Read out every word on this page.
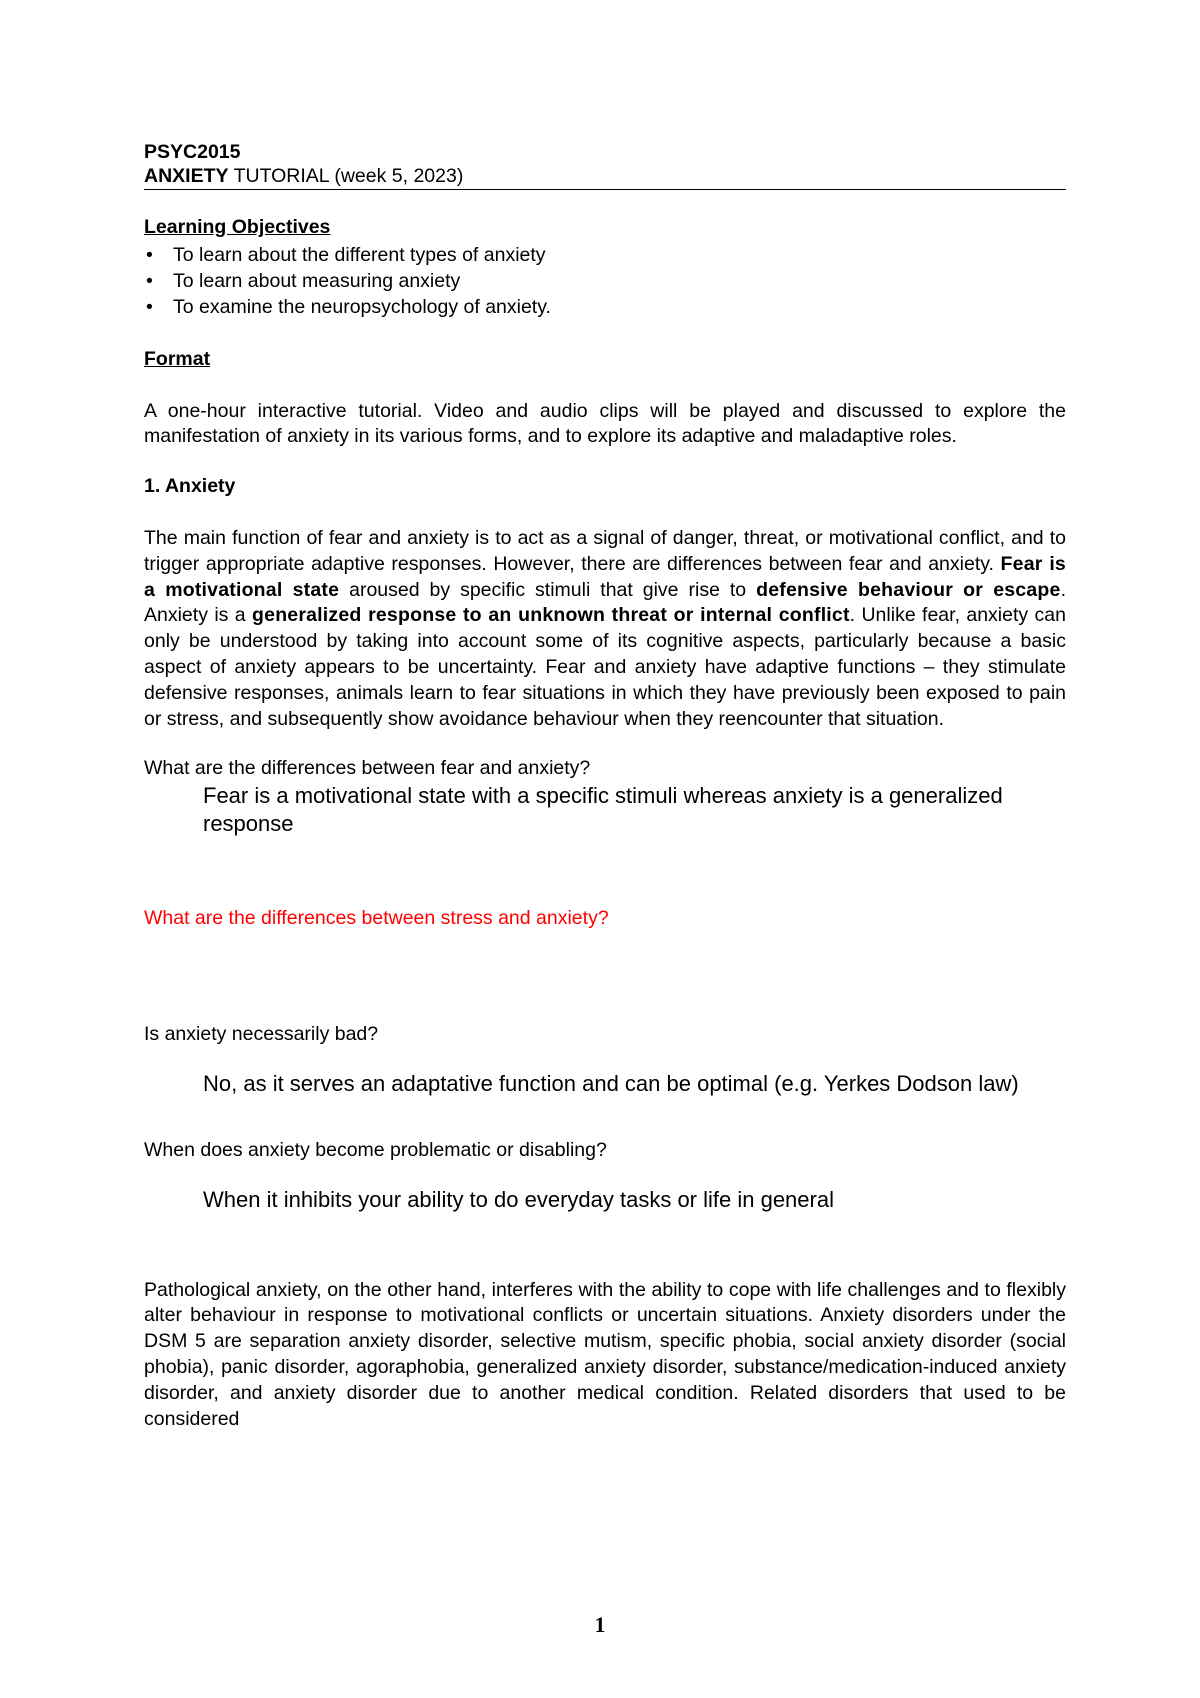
PSYC2015
ANXIETY TUTORIAL (week 5, 2023)
Learning Objectives
• To learn about the different types of anxiety
• To learn about measuring anxiety
• To examine the neuropsychology of anxiety.
Format

A one-hour interactive tutorial. Video and audio clips will be played and discussed to explore the manifestation of anxiety in its various forms, and to explore its adaptive and maladaptive roles.

1. Anxiety

The main function of fear and anxiety is to act as a signal of danger, threat, or motivational conflict, and to trigger appropriate adaptive responses. However, there are differences between fear and anxiety. Fear is a motivational state aroused by specific stimuli that give rise to defensive behaviour or escape. Anxiety is a generalized response to an unknown threat or internal conflict. Unlike fear, anxiety can only be understood by taking into account some of its cognitive aspects, particularly because a basic aspect of anxiety appears to be uncertainty. Fear and anxiety have adaptive functions – they stimulate defensive responses, animals learn to fear situations in which they have previously been exposed to pain or stress, and subsequently show avoidance behaviour when they reencounter that situation.

What are the differences between fear and anxiety?

Fear is a motivational state with a specific stimuli whereas anxiety is a generalized response

What are the differences between stress and anxiety?

Is anxiety necessarily bad?

No, as it serves an adaptative function and can be optimal (e.g. Yerkes Dodson law)

When does anxiety become problematic or disabling?

When it inhibits your ability to do everyday tasks or life in general

Pathological anxiety, on the other hand, interferes with the ability to cope with life challenges and to flexibly alter behaviour in response to motivational conflicts or uncertain situations. Anxiety disorders under the DSM 5 are separation anxiety disorder, selective mutism, specific phobia, social anxiety disorder (social phobia), panic disorder, agoraphobia, generalized anxiety disorder, substance/medication-induced anxiety disorder, and anxiety disorder due to another medical condition. Related disorders that used to be considered

1
